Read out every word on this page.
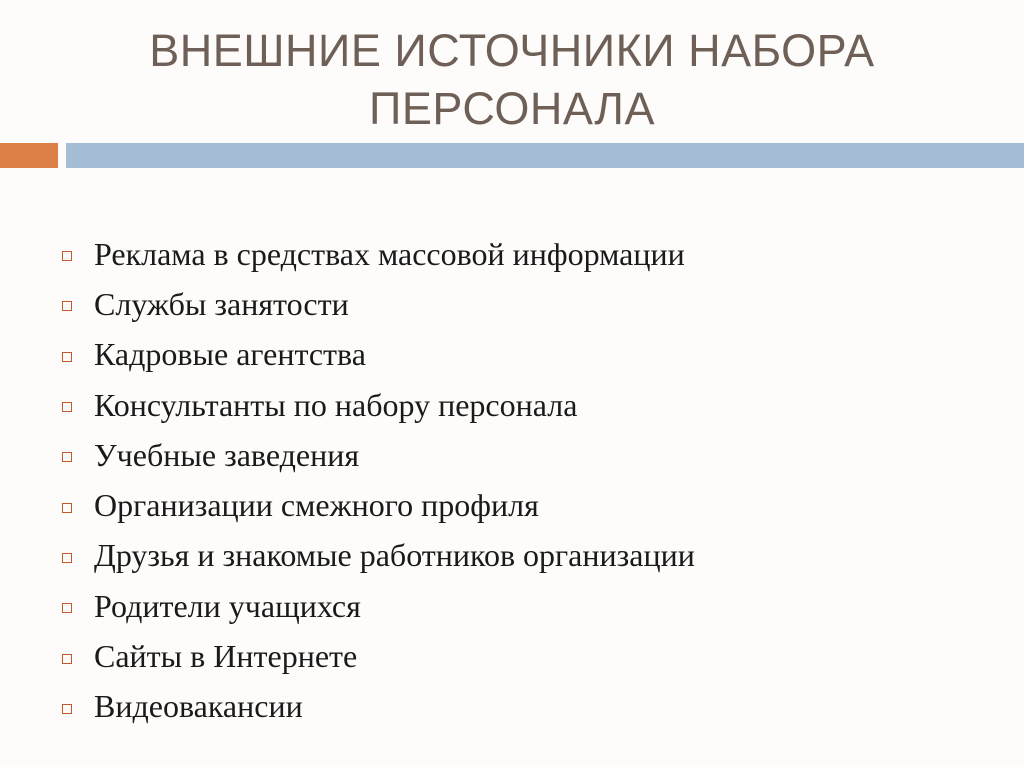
ВНЕШНИЕ ИСТОЧНИКИ НАБОРА
ПЕРСОНАЛА
Реклама в средствах массовой информации
Службы занятости
Кадровые агентства
Консультанты по набору персонала
Учебные заведения
Организации смежного профиля
Друзья и знакомые работников организации
Родители учащихся
Сайты в Интернете
Видеовакансии
